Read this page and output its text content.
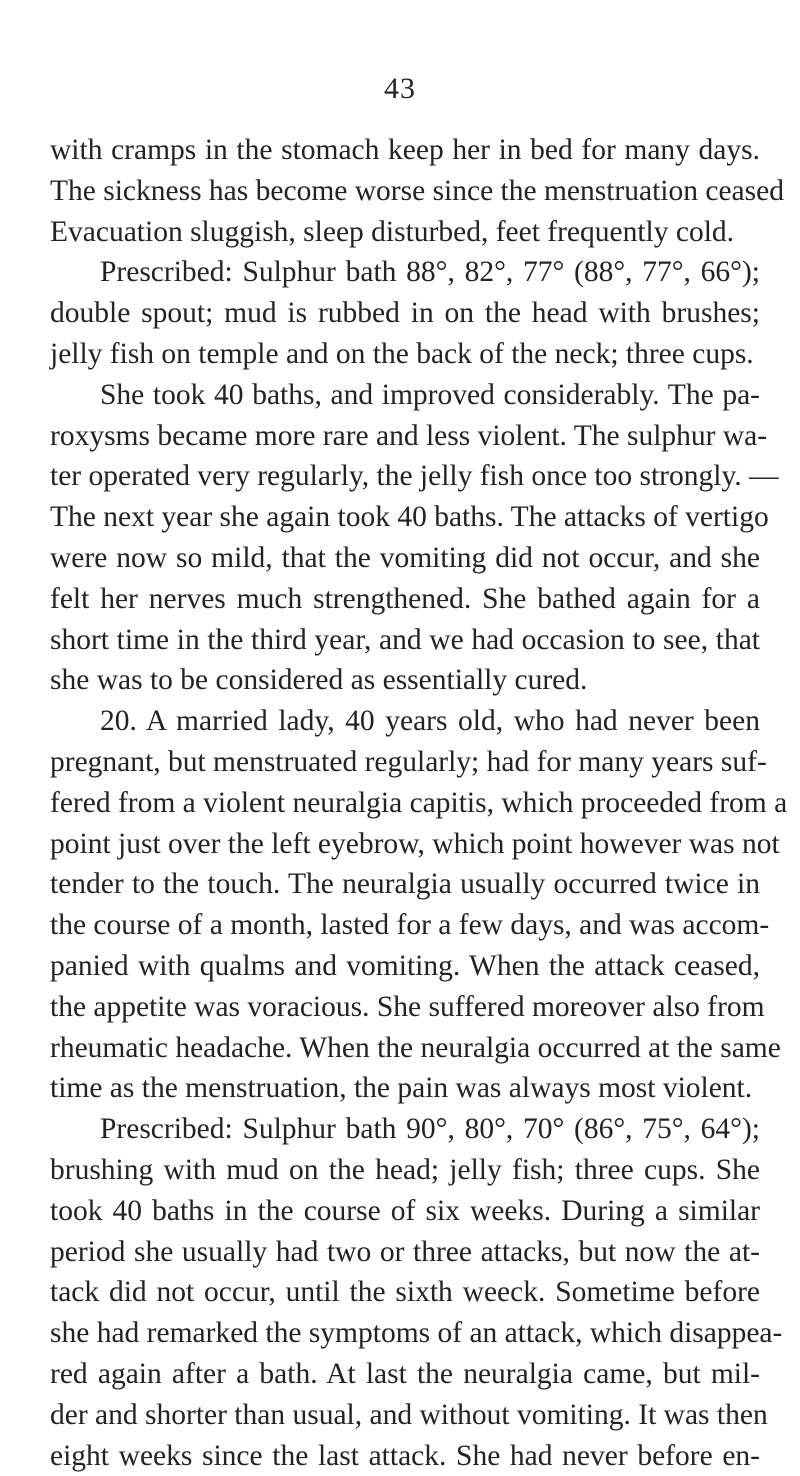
43
with cramps in the stomach keep her in bed for many days.
The sickness has become worse since the menstruation ceased
Evacuation sluggish, sleep disturbed, feet frequently cold.
Prescribed: Sulphur bath 88°, 82°, 77° (88°, 77°, 66°);
double spout; mud is rubbed in on the head with brushes;
jelly fish on temple and on the back of the neck; three cups.
She took 40 baths, and improved considerably. The pa-
roxysms became more rare and less violent. The sulphur wa-
ter operated very regularly, the jelly fish once too strongly. —
The next year she again took 40 baths. The attacks of vertigo
were now so mild, that the vomiting did not occur, and she
felt her nerves much strengthened. She bathed again for a
short time in the third year, and we had occasion to see, that
she was to be considered as essentially cured.
20. A married lady, 40 years old, who had never been
pregnant, but menstruated regularly; had for many years suf-
fered from a violent neuralgia capitis, which proceeded from a
point just over the left eyebrow, which point however was not
tender to the touch. The neuralgia usually occurred twice in
the course of a month, lasted for a few days, and was accom-
panied with qualms and vomiting. When the attack ceased,
the appetite was voracious. She suffered moreover also from
rheumatic headache. When the neuralgia occurred at the same
time as the menstruation, the pain was always most violent.
Prescribed: Sulphur bath 90°, 80°, 70° (86°, 75°, 64°);
brushing with mud on the head; jelly fish; three cups. She
took 40 baths in the course of six weeks. During a similar
period she usually had two or three attacks, but now the at-
tack did not occur, until the sixth weeck. Sometime before
she had remarked the symptoms of an attack, which disappea-
red again after a bath. At last the neuralgia came, but mil-
der and shorter than usual, and without vomiting. It was then
eight weeks since the last attack. She had never before en-
